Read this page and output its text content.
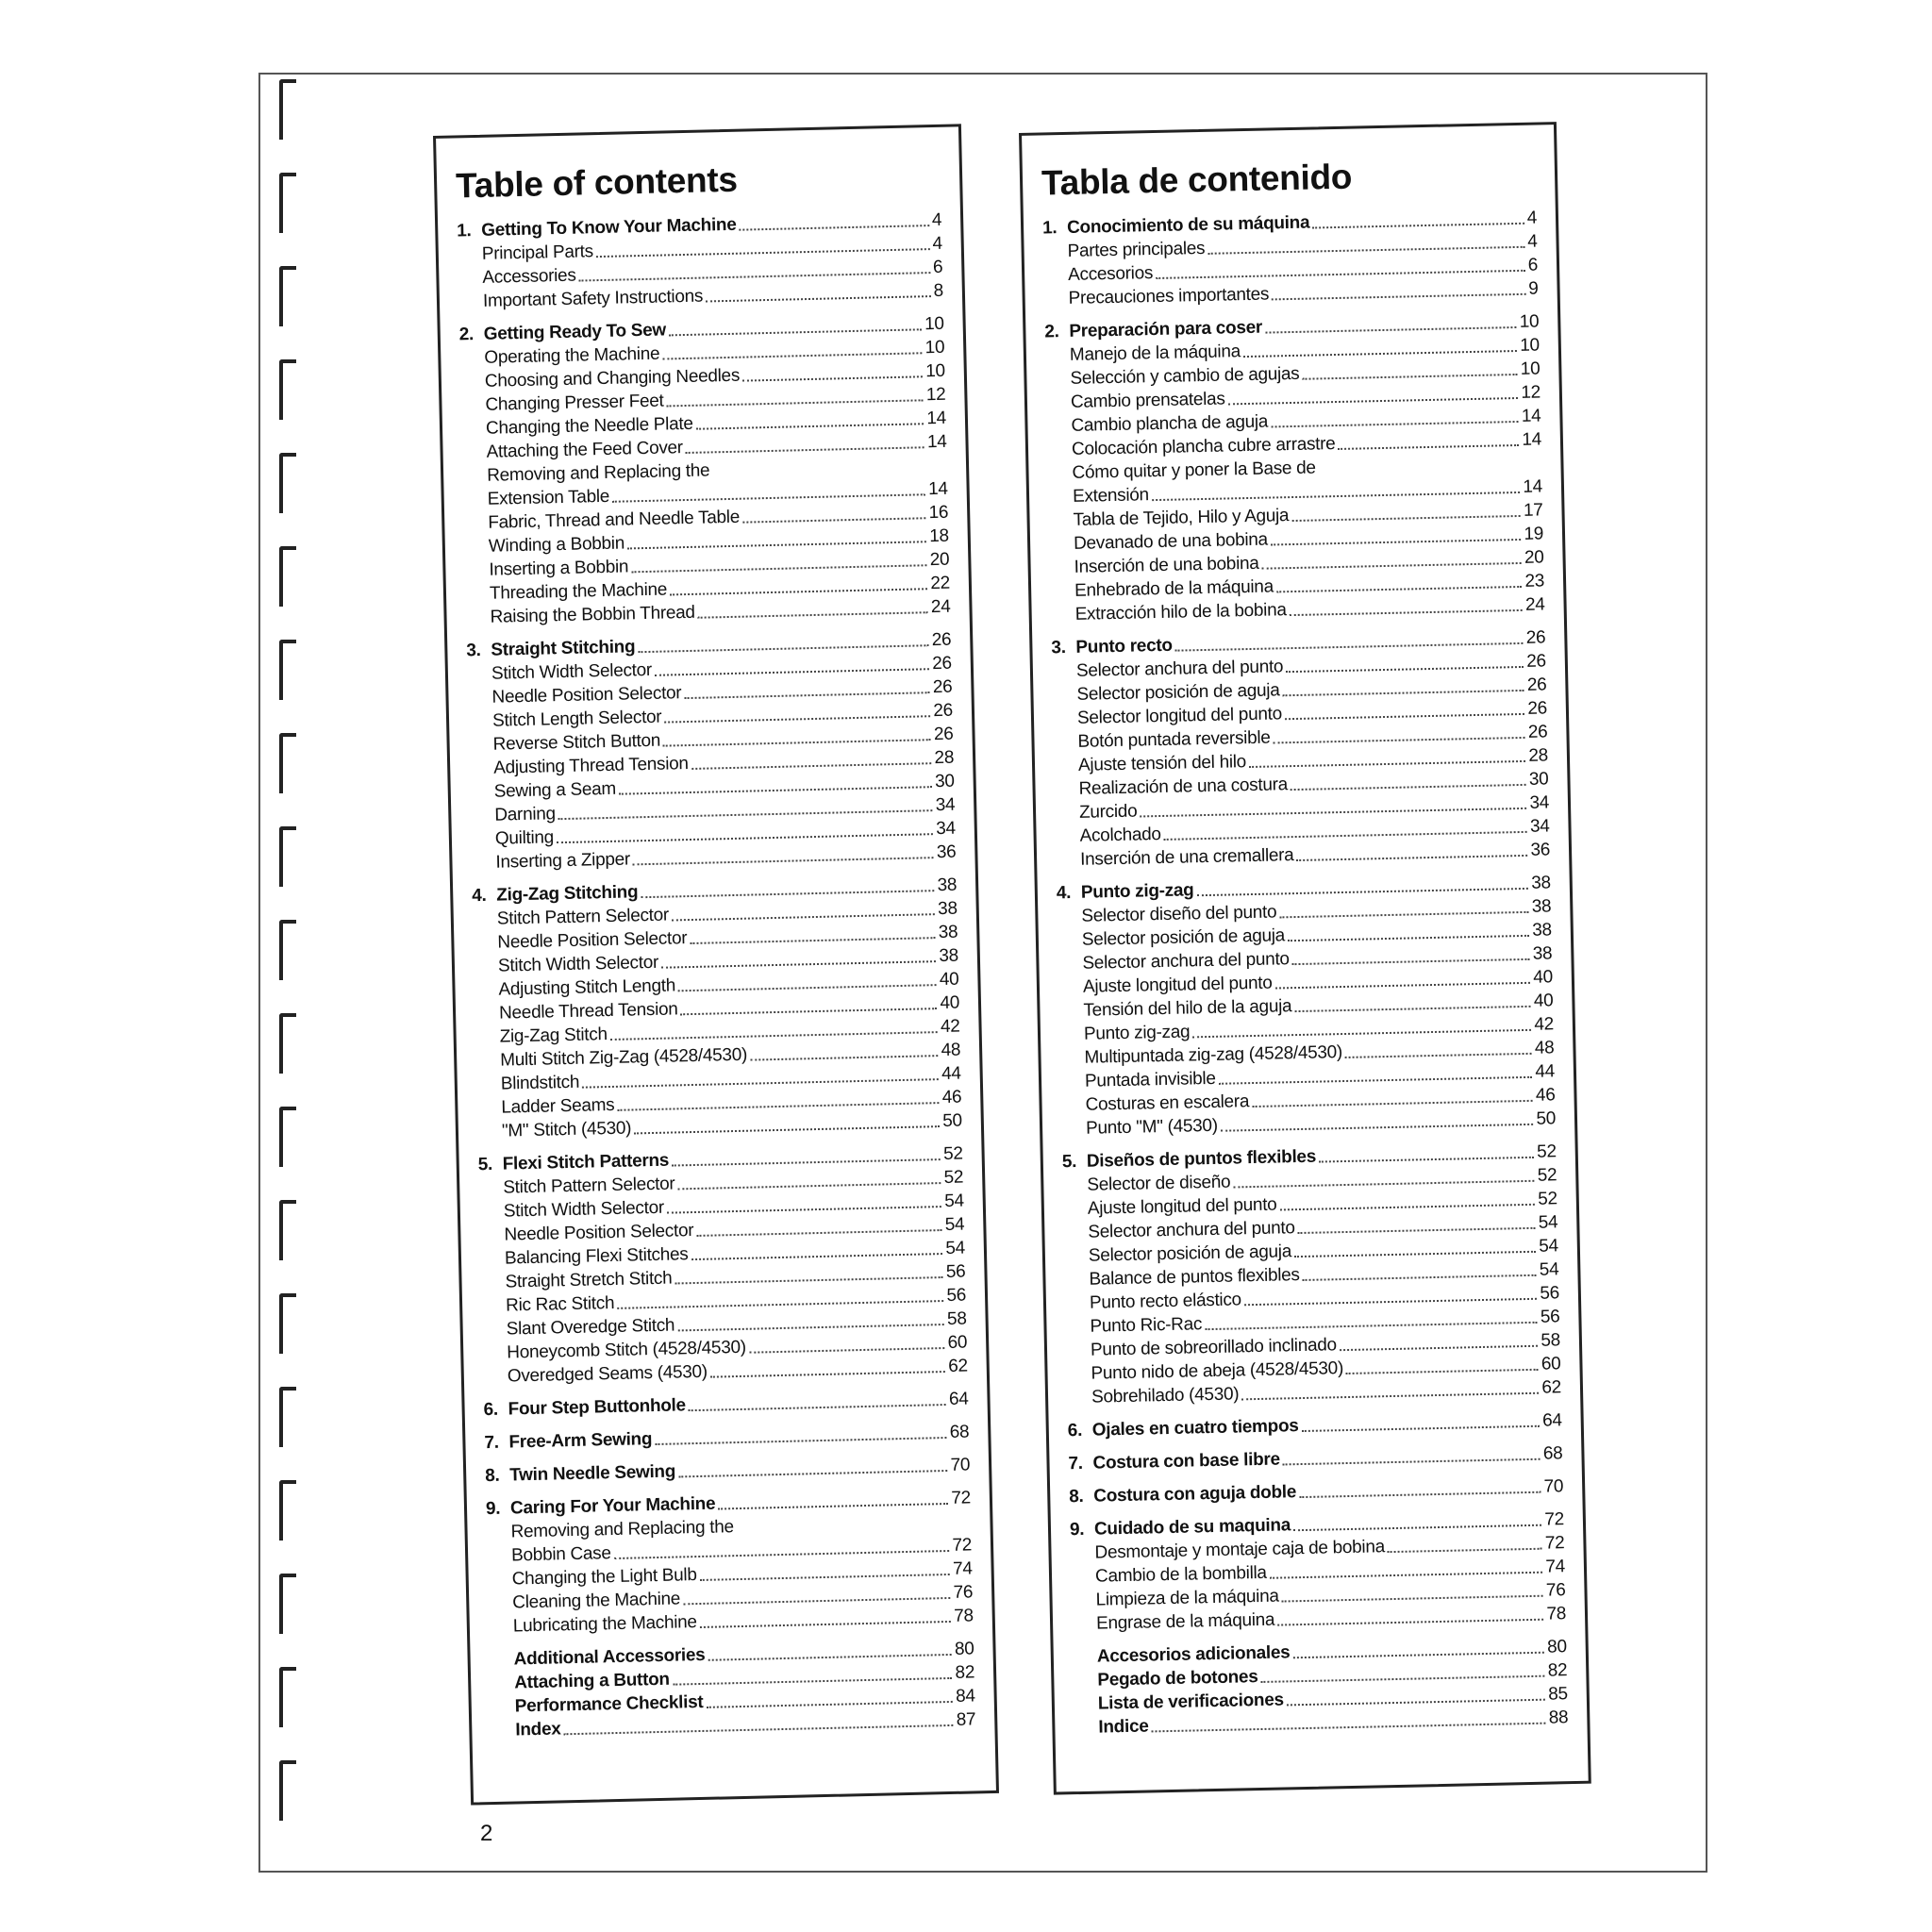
Table of contents
1. Getting To Know Your Machine	4
Principal Parts	4
Accessories	6
Important Safety Instructions	8
2. Getting Ready To Sew	10
Operating the Machine	10
Choosing and Changing Needles	10
Changing Presser Feet	12
Changing the Needle Plate	14
Attaching the Feed Cover	14
Removing and Replacing the
Extension Table	14
Fabric, Thread and Needle Table	16
Winding a Bobbin	18
Inserting a Bobbin	20
Threading the Machine	22
Raising the Bobbin Thread	24
3. Straight Stitching	26
Stitch Width Selector	26
Needle Position Selector	26
Stitch Length Selector	26
Reverse Stitch Button	26
Adjusting Thread Tension	28
Sewing a Seam	30
Darning	34
Quilting	34
Inserting a Zipper	36
4. Zig-Zag Stitching	38
Stitch Pattern Selector	38
Needle Position Selector	38
Stitch Width Selector	38
Adjusting Stitch Length	40
Needle Thread Tension	40
Zig-Zag Stitch	42
Multi Stitch Zig-Zag (4528/4530)	48
Blindstitch	44
Ladder Seams	46
"M" Stitch (4530)	50
5. Flexi Stitch Patterns	52
Stitch Pattern Selector	52
Stitch Width Selector	54
Needle Position Selector	54
Balancing Flexi Stitches	54
Straight Stretch Stitch	56
Ric Rac Stitch	56
Slant Overedge Stitch	58
Honeycomb Stitch (4528/4530)	60
Overedged Seams (4530)	62
6. Four Step Buttonhole	64
7. Free-Arm Sewing	68
8. Twin Needle Sewing	70
9. Caring For Your Machine	72
Removing and Replacing the
Bobbin Case	72
Changing the Light Bulb	74
Cleaning the Machine	76
Lubricating the Machine	78
Additional Accessories	80
Attaching a Button	82
Performance Checklist	84
Index	87
Tabla de contenido
1. Conocimiento de su máquina	4
Partes principales	4
Accesorios	6
Precauciones importantes	9
2. Preparación para coser	10
Manejo de la máquina	10
Selección y cambio de agujas	10
Cambio prensatelas	12
Cambio plancha de aguja	14
Colocación plancha cubre arrastre	14
Cómo quitar y poner la Base de
Extensión	14
Tabla de Tejido, Hilo y Aguja	17
Devanado de una bobina	19
Inserción de una bobina	20
Enhebrado de la máquina	23
Extracción hilo de la bobina	24
3. Punto recto	26
Selector anchura del punto	26
Selector posición de aguja	26
Selector longitud del punto	26
Botón puntada reversible	26
Ajuste tensión del hilo	28
Realización de una costura	30
Zurcido	34
Acolchado	34
Inserción de una cremallera	36
4. Punto zig-zag	38
Selector diseño del punto	38
Selector posición de aguja	38
Selector anchura del punto	38
Ajuste longitud del punto	40
Tensión del hilo de la aguja	40
Punto zig-zag	42
Multipuntada zig-zag (4528/4530)	48
Puntada invisible	44
Costuras en escalera	46
Punto "M" (4530)	50
5. Diseños de puntos flexibles	52
Selector de diseño	52
Ajuste longitud del punto	52
Selector anchura del punto	54
Selector posición de aguja	54
Balance de puntos flexibles	54
Punto recto elástico	56
Punto Ric-Rac	56
Punto de sobreorillado inclinado	58
Punto nido de abeja (4528/4530)	60
Sobrehilado (4530)	62
6. Ojales en cuatro tiempos	64
7. Costura con base libre	68
8. Costura con aguja doble	70
9. Cuidado de su maquina	72
Desmontaje y montaje caja de bobina	72
Cambio de la bombilla	74
Limpieza de la máquina	76
Engrase de la máquina	78
Accesorios adicionales	80
Pegado de botones	82
Lista de verificaciones	85
Indice	88
2
